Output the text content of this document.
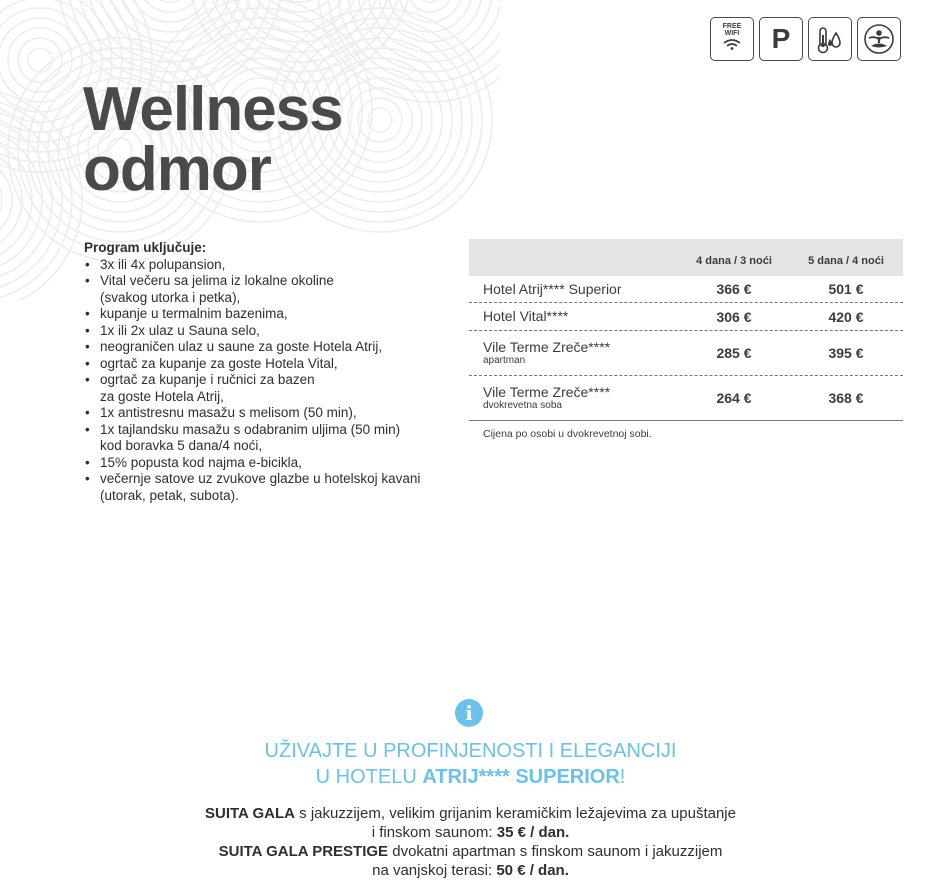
FREE
WIFI P
Wellness
odmor

Program uključuje:

• 3x ili 4x polupansion,
• Vital večeru sa jelima iz lokalne okoline
(svakog utorka i petka),
• kupanje u termalnim bazenima,
• 1x ili 2x ulaz u Sauna selo,
• neograničen ulaz u saune za goste Hotela Atrij,
• ogrtač za kupanje za goste Hotela Vital,
• ogrtač za kupanje i ručnici za bazen
za goste Hotela Atrij,
• 1x antistresnu masažu s melisom (50 min),
• 1x tajlandsku masažu s odabranim uljima (50 min)
kod boravka 5 dana/4 noći,
• 15% popusta kod najma e-bicikla,
• večernje satove uz zvukove glazbe u hotelskoj kavani
(utorak, petak, subota).
4 dana / 3 noći	5 dana / 4 noći
Hotel Atrij**** Superior	366 €	501 €
Hotel Vital****	306 €	420 €
Vile Terme Zreče****
apartman	285 €	395 €
Vile Terme Zreče****
dvokrevetna soba	264 €	368 €

Cijena po osobi u dvokrevetnoj sobi.

i
UŽIVAJTE U PROFINJENOSTI I ELEGANCIJI
U HOTELU ATRIJ**** SUPERIOR!
SUITA GALA s jakuzzijem, velikim grijanim keramičkim ležajevima za upuštanje
i finskom saunom: 35 € / dan.
SUITA GALA PRESTIGE dvokatni apartman s finskom saunom i jakuzzijem
na vanjskoj terasi: 50 € / dan.
